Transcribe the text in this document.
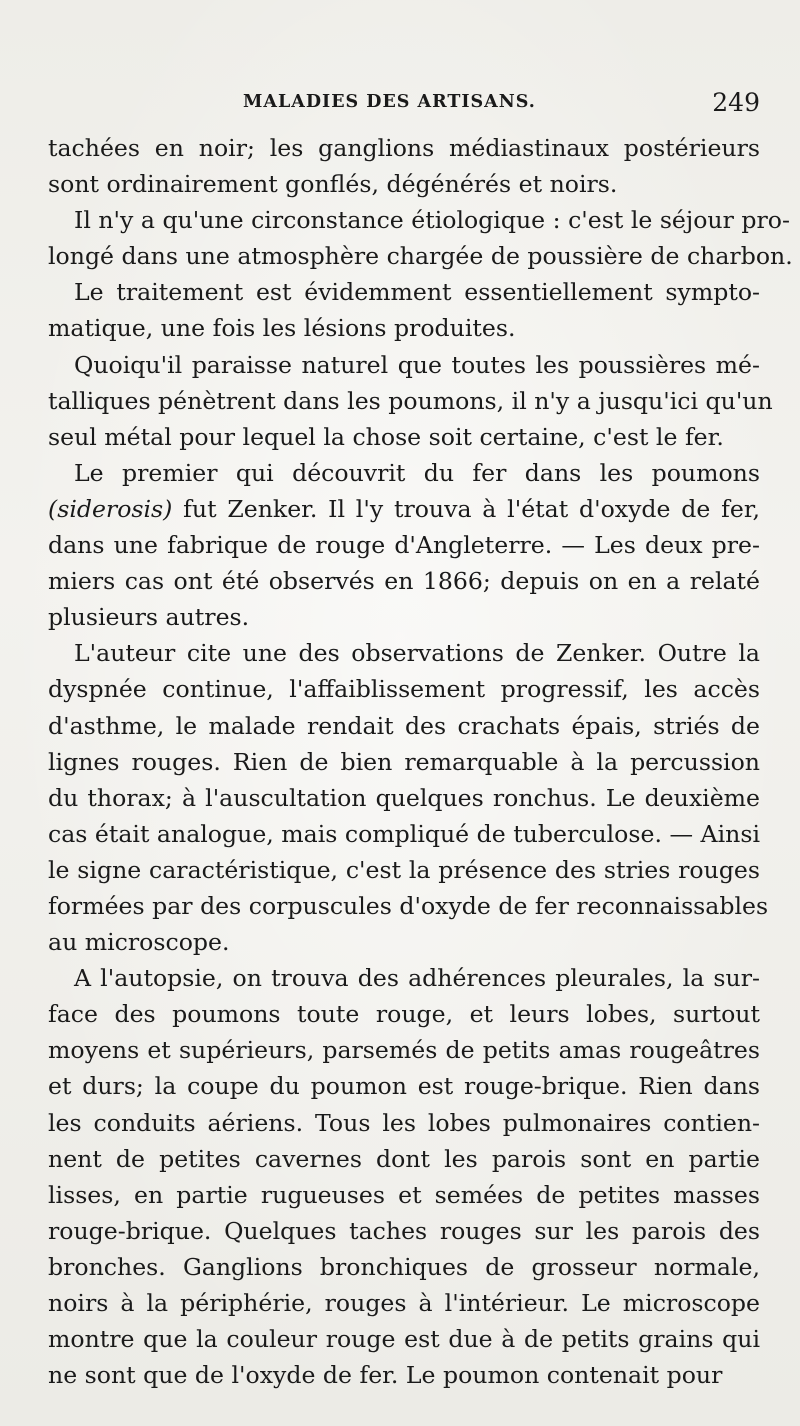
MALADIES DES ARTISANS.	249
tachées en noir; les ganglions médiastinaux postérieurs
sont ordinairement gonflés, dégénérés et noirs.
Il n'y a qu'une circonstance étiologique : c'est le séjour pro-
longé dans une atmosphère chargée de poussière de charbon.
Le traitement est évidemment essentiellement sympto-
matique, une fois les lésions produites.
Quoiqu'il paraisse naturel que toutes les poussières mé-
talliques pénètrent dans les poumons, il n'y a jusqu'ici qu'un
seul métal pour lequel la chose soit certaine, c'est le fer.
Le premier qui découvrit du fer dans les poumons
(siderosis) fut Zenker. Il l'y trouva à l'état d'oxyde de fer,
dans une fabrique de rouge d'Angleterre. — Les deux pre-
miers cas ont été observés en 1866; depuis on en a relaté
plusieurs autres.
L'auteur cite une des observations de Zenker. Outre la
dyspnée continue, l'affaiblissement progressif, les accès
d'asthme, le malade rendait des crachats épais, striés de
lignes rouges. Rien de bien remarquable à la percussion
du thorax; à l'auscultation quelques ronchus. Le deuxième
cas était analogue, mais compliqué de tuberculose. — Ainsi
le signe caractéristique, c'est la présence des stries rouges
formées par des corpuscules d'oxyde de fer reconnaissables
au microscope.
A l'autopsie, on trouva des adhérences pleurales, la sur-
face des poumons toute rouge, et leurs lobes, surtout
moyens et supérieurs, parsemés de petits amas rougeâtres
et durs; la coupe du poumon est rouge-brique. Rien dans
les conduits aériens. Tous les lobes pulmonaires contien-
nent de petites cavernes dont les parois sont en partie
lisses, en partie rugueuses et semées de petites masses
rouge-brique. Quelques taches rouges sur les parois des
bronches. Ganglions bronchiques de grosseur normale,
noirs à la périphérie, rouges à l'intérieur. Le microscope
montre que la couleur rouge est due à de petits grains qui
ne sont que de l'oxyde de fer. Le poumon contenait pour
